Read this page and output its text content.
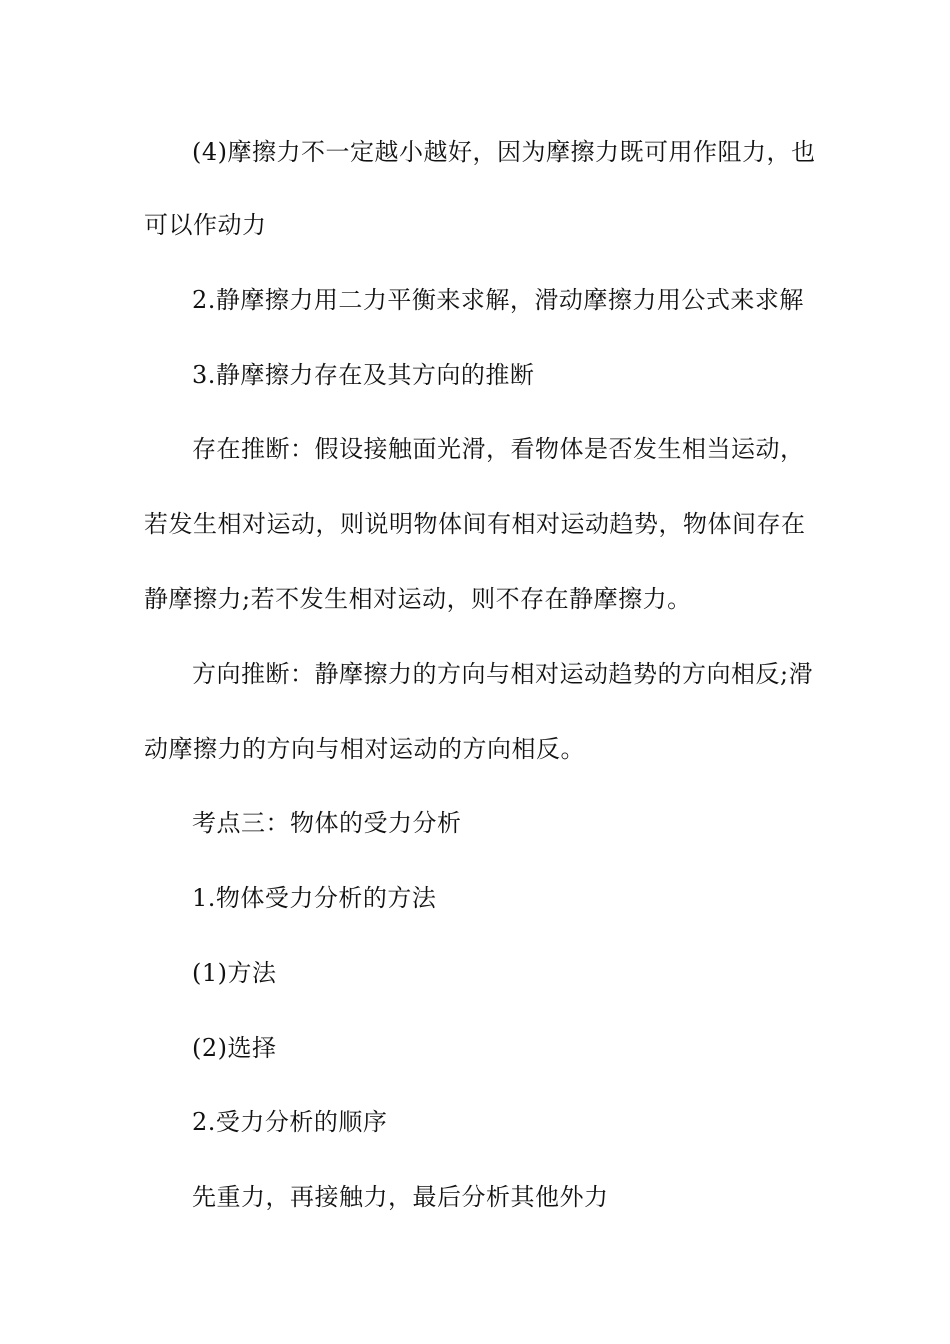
(4)摩擦力不一定越小越好，因为摩擦力既可用作阻力，也
可以作动力
2.静摩擦力用二力平衡来求解，滑动摩擦力用公式来求解
3.静摩擦力存在及其方向的推断
存在推断：假设接触面光滑，看物体是否发生相当运动，
若发生相对运动，则说明物体间有相对运动趋势，物体间存在
静摩擦力;若不发生相对运动，则不存在静摩擦力。
方向推断：静摩擦力的方向与相对运动趋势的方向相反;滑
动摩擦力的方向与相对运动的方向相反。
考点三：物体的受力分析
1.物体受力分析的方法
(1)方法
(2)选择
2.受力分析的顺序
先重力，再接触力，最后分析其他外力
